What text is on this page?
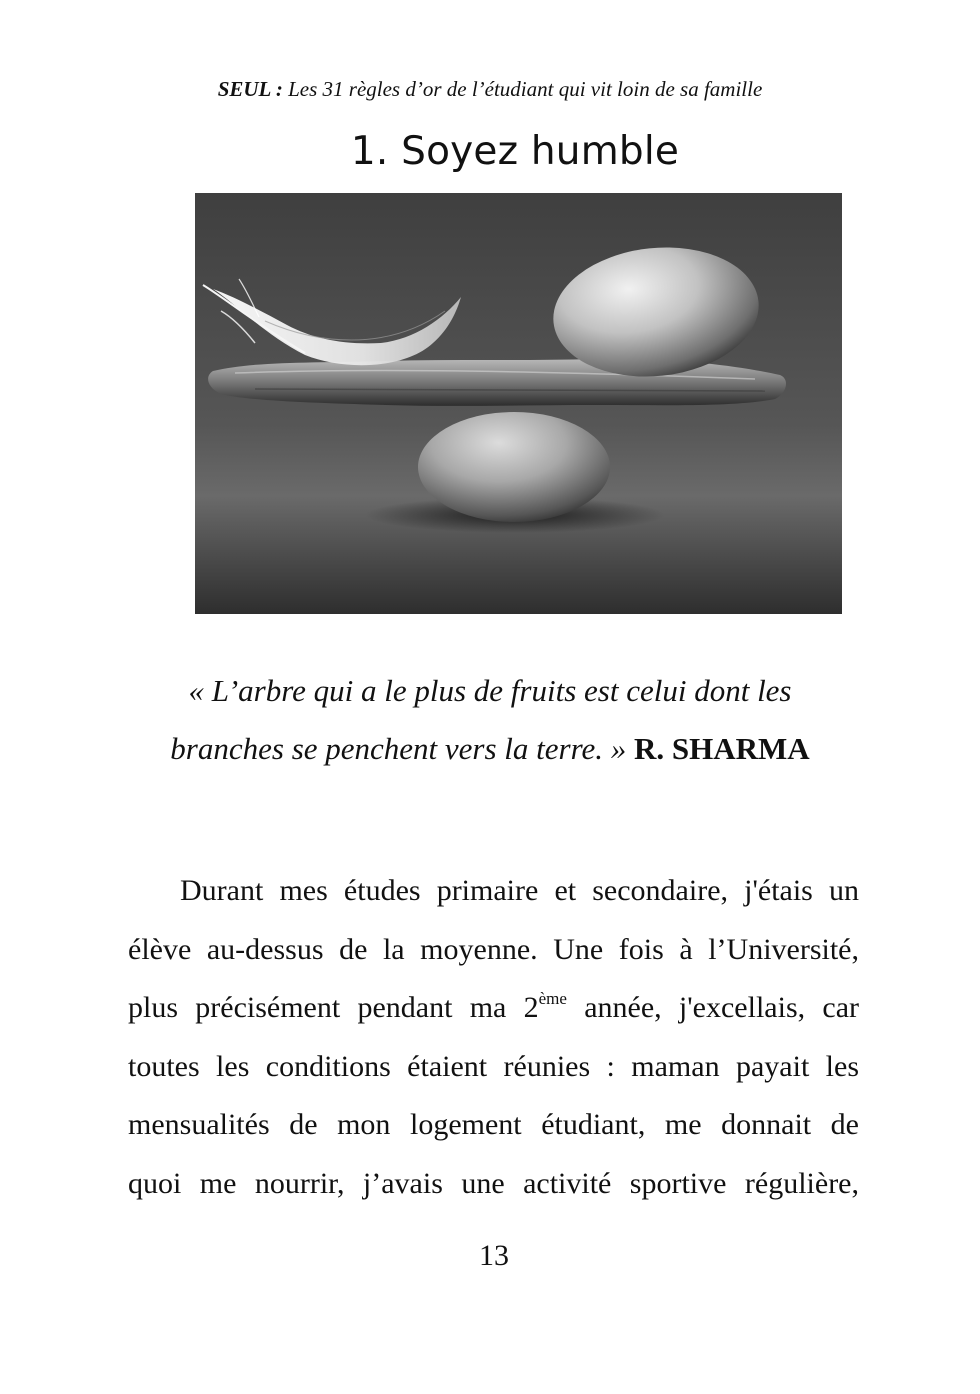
SEUL : Les 31 règles d’or de l’étudiant qui vit loin de sa famille
1. Soyez humble
« L’arbre qui a le plus de fruits est celui dont les
branches se penchent vers la terre. » R. SHARMA
Durant mes études primaire et secondaire, j'étais un
élève au-dessus de la moyenne. Une fois à l’Université,
plus précisément pendant ma 2ème année, j'excellais, car
toutes les conditions étaient réunies : maman payait les
mensualités de mon logement étudiant, me donnait de
quoi me nourrir, j’avais une activité sportive régulière,
13
